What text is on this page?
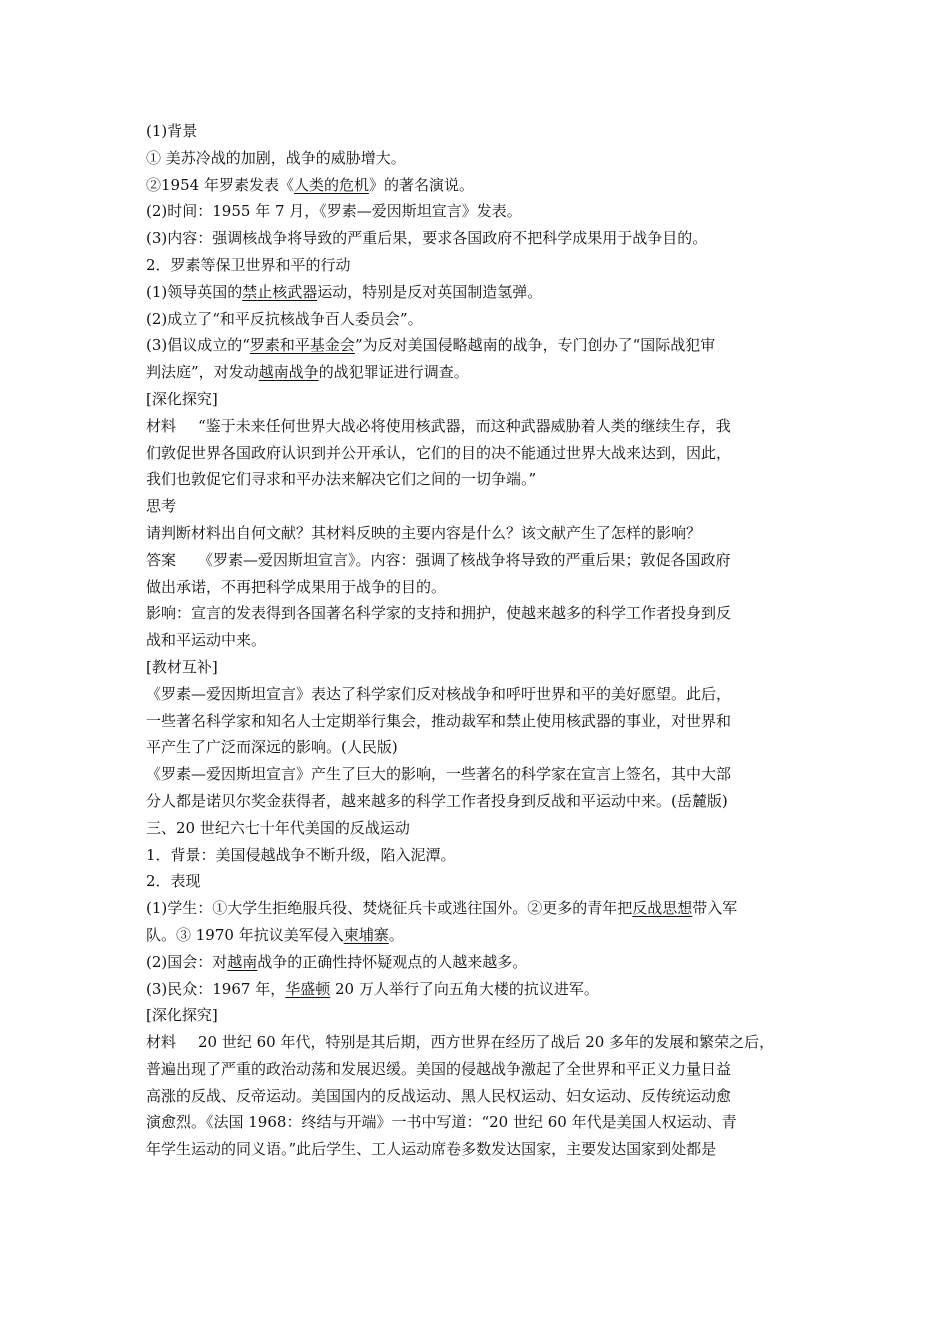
(1)背景
① 美苏冷战的加剧，战争的威胁增大。
②1954 年罗素发表《人类的危机》的著名演说。
(2)时间：1955 年 7 月，《罗素—爱因斯坦宣言》发表。
(3)内容：强调核战争将导致的严重后果，要求各国政府不把科学成果用于战争目的。
2．罗素等保卫世界和平的行动
(1)领导英国的禁止核武器运动，特别是反对英国制造氢弹。
(2)成立了“和平反抗核战争百人委员会”。
(3)倡议成立的“罗素和平基金会”为反对美国侵略越南的战争，专门创办了“国际战犯审
判法庭”，对发动越南战争的战犯罪证进行调查。
[深化探究]
材料 “鉴于未来任何世界大战必将使用核武器，而这种武器威胁着人类的继续生存，我
们敦促世界各国政府认识到并公开承认，它们的目的决不能通过世界大战来达到，因此，
我们也敦促它们寻求和平办法来解决它们之间的一切争端。”
思考
请判断材料出自何文献？其材料反映的主要内容是什么？该文献产生了怎样的影响？
答案 《罗素—爱因斯坦宣言》。内容：强调了核战争将导致的严重后果；敦促各国政府
做出承诺，不再把科学成果用于战争的目的。
影响：宣言的发表得到各国著名科学家的支持和拥护，使越来越多的科学工作者投身到反
战和平运动中来。
[教材互补]
《罗素—爱因斯坦宣言》表达了科学家们反对核战争和呼吁世界和平的美好愿望。此后，
一些著名科学家和知名人士定期举行集会，推动裁军和禁止使用核武器的事业，对世界和
平产生了广泛而深远的影响。(人民版)
《罗素—爱因斯坦宣言》产生了巨大的影响，一些著名的科学家在宣言上签名，其中大部
分人都是诺贝尔奖金获得者，越来越多的科学工作者投身到反战和平运动中来。(岳麓版)
三、20 世纪六七十年代美国的反战运动
1．背景：美国侵越战争不断升级，陷入泥潭。
2．表现
(1)学生：①大学生拒绝服兵役、焚烧征兵卡或逃往国外。②更多的青年把反战思想带入军
队。③ 1970 年抗议美军侵入柬埔寨。
(2)国会：对越南战争的正确性持怀疑观点的人越来越多。
(3)民众：1967 年，华盛顿 20 万人举行了向五角大楼的抗议进军。
[深化探究]
材料 20 世纪 60 年代，特别是其后期，西方世界在经历了战后 20 多年的发展和繁荣之后，
普遍出现了严重的政治动荡和发展迟缓。美国的侵越战争激起了全世界和平正义力量日益
高涨的反战、反帝运动。美国国内的反战运动、黑人民权运动、妇女运动、反传统运动愈
演愈烈。《法国 1968：终结与开端》一书中写道：“20 世纪 60 年代是美国人权运动、青
年学生运动的同义语。”此后学生、工人运动席卷多数发达国家，主要发达国家到处都是
